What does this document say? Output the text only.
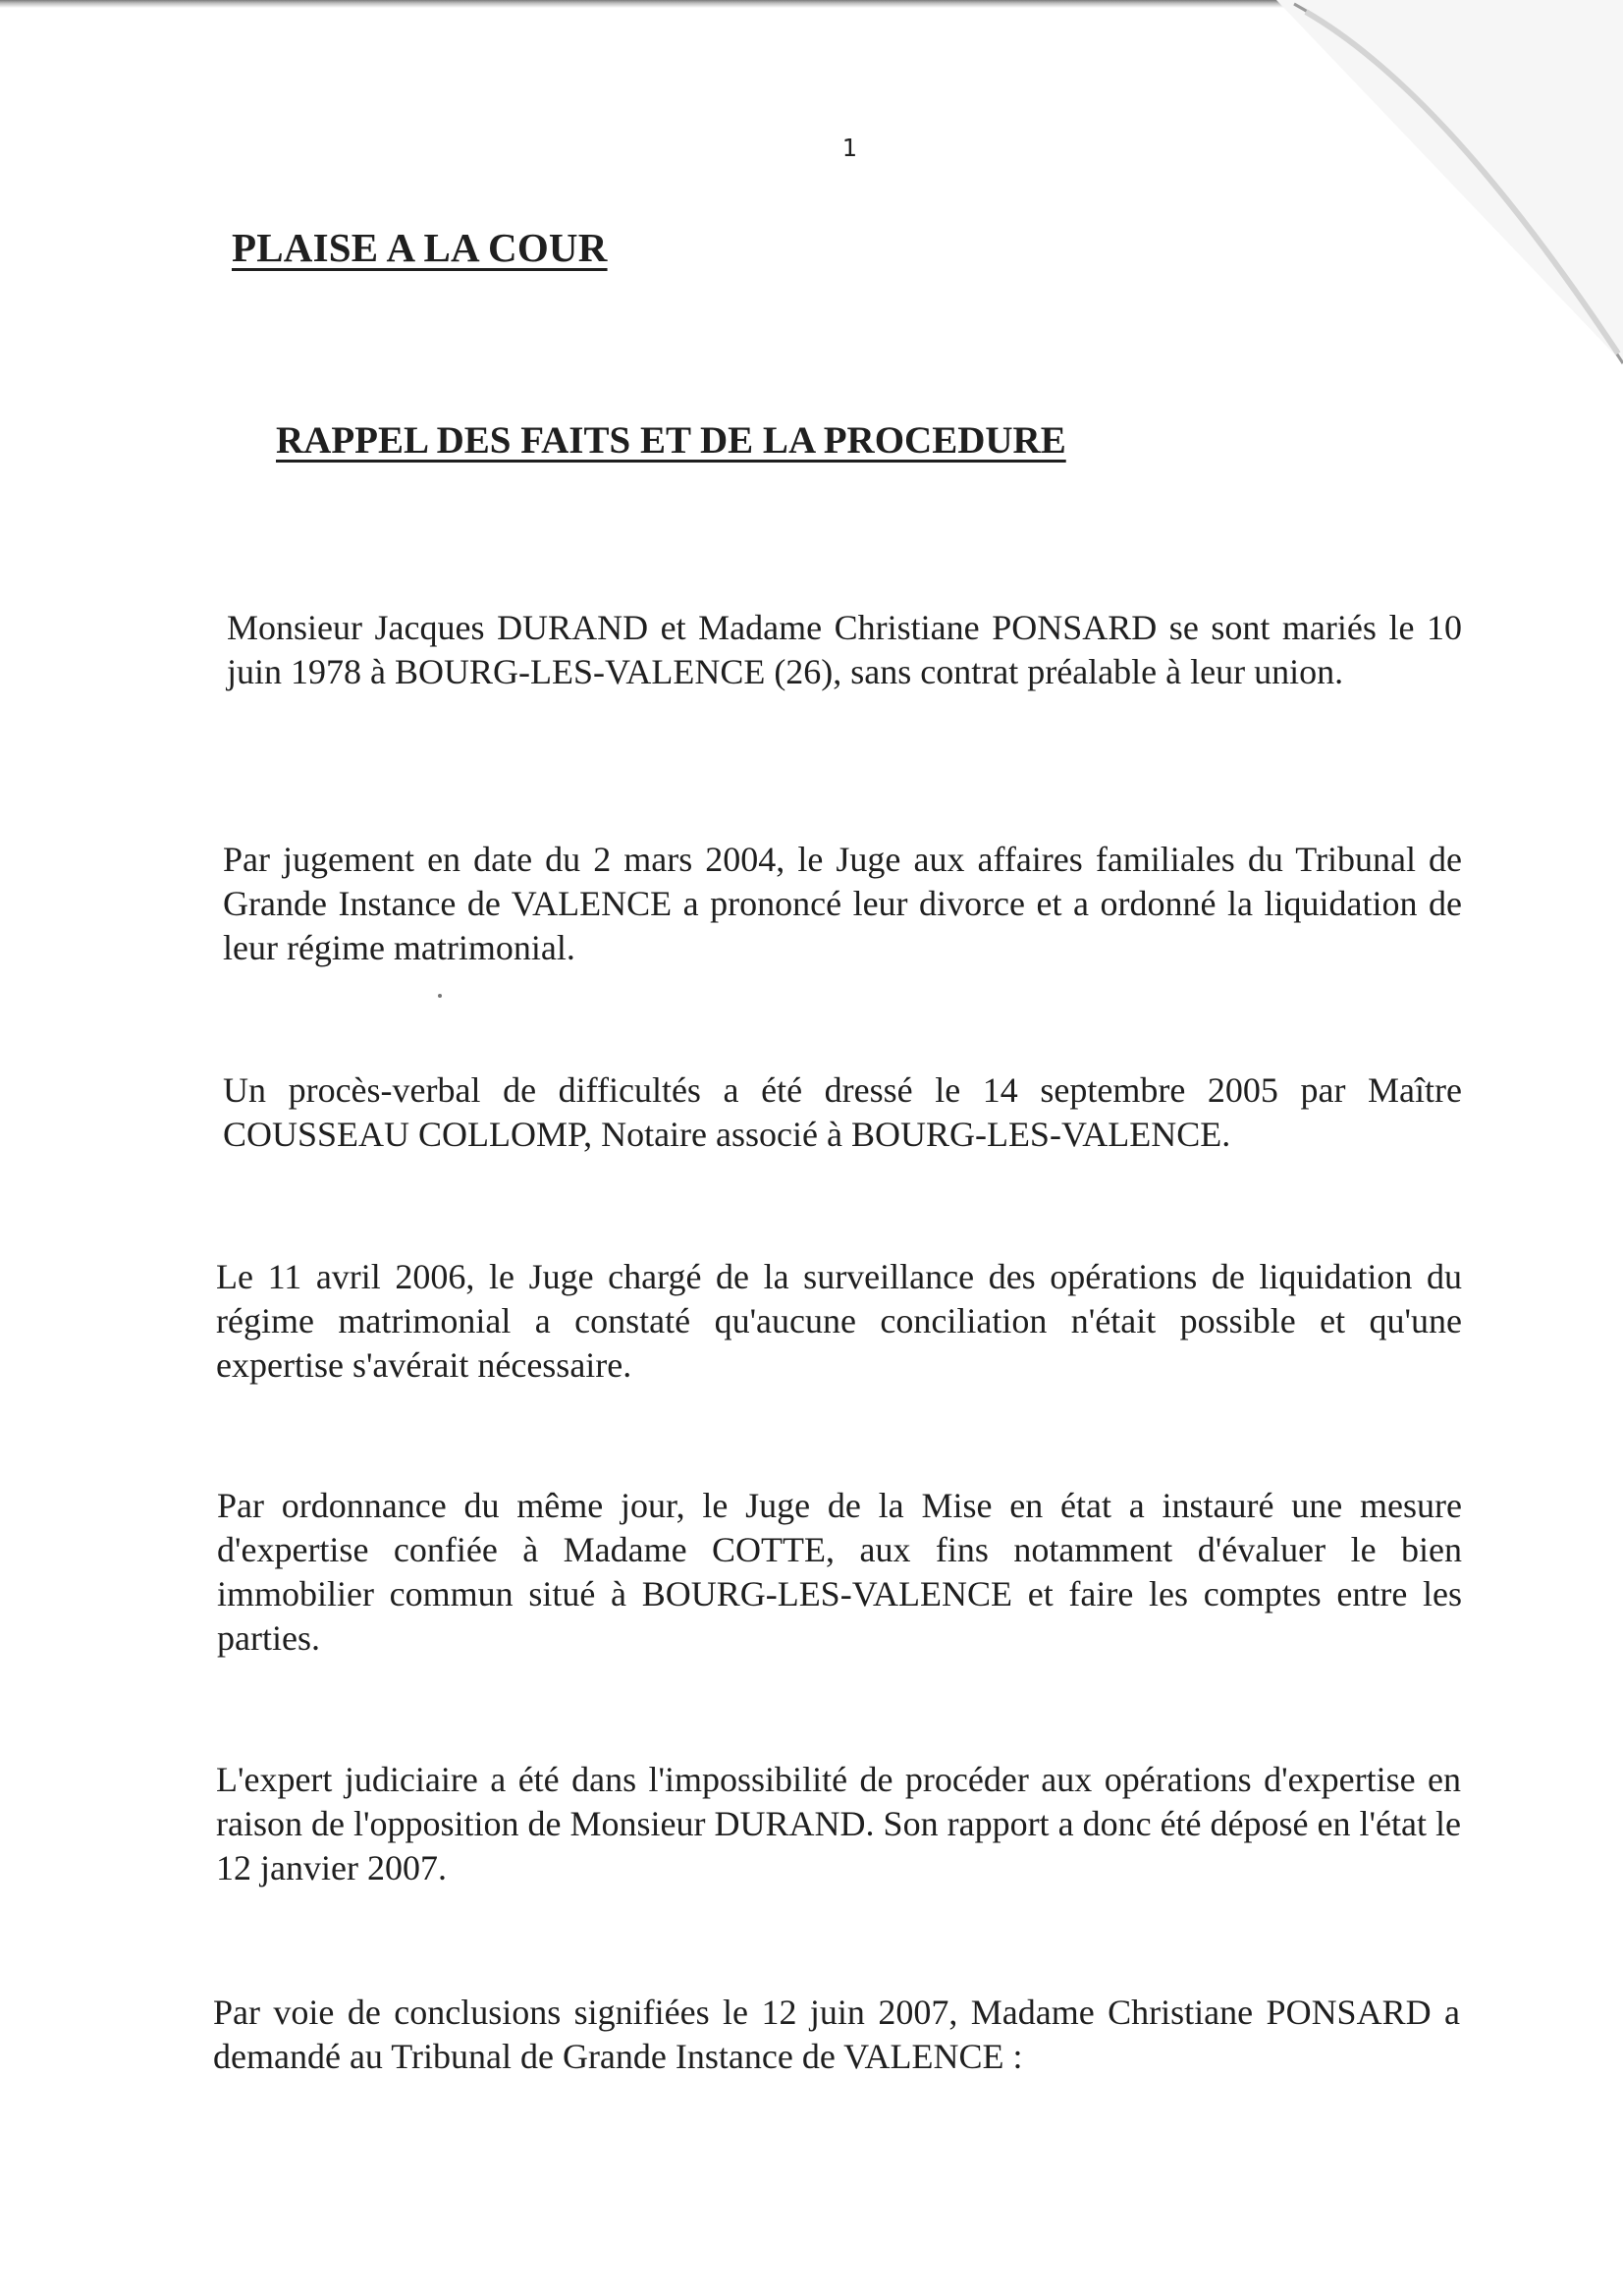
1
PLAISE A LA COUR
RAPPEL DES FAITS ET DE LA PROCEDURE

Monsieur Jacques DURAND et Madame Christiane PONSARD se sont mariés le 10 juin 1978 à BOURG-LES-VALENCE (26), sans contrat préalable à leur union.

Par jugement en date du 2 mars 2004, le Juge aux affaires familiales du Tribunal de Grande Instance de VALENCE a prononcé leur divorce et a ordonné la liquidation de leur régime matrimonial.

Un procès-verbal de difficultés a été dressé le 14 septembre 2005 par Maître COUSSEAU COLLOMP, Notaire associé à BOURG-LES-VALENCE.

Le 11 avril 2006, le Juge chargé de la surveillance des opérations de liquidation du régime matrimonial a constaté qu'aucune conciliation n'était possible et qu'une expertise s'avérait nécessaire.

Par ordonnance du même jour, le Juge de la Mise en état a instauré une mesure d'expertise confiée à Madame COTTE, aux fins notamment d'évaluer le bien immobilier commun situé à BOURG-LES-VALENCE et faire les comptes entre les parties.

L'expert judiciaire a été dans l'impossibilité de procéder aux opérations d'expertise en raison de l'opposition de Monsieur DURAND. Son rapport a donc été déposé en l'état le 12 janvier 2007.

Par voie de conclusions signifiées le 12 juin 2007, Madame Christiane PONSARD a demandé au Tribunal de Grande Instance de VALENCE :
